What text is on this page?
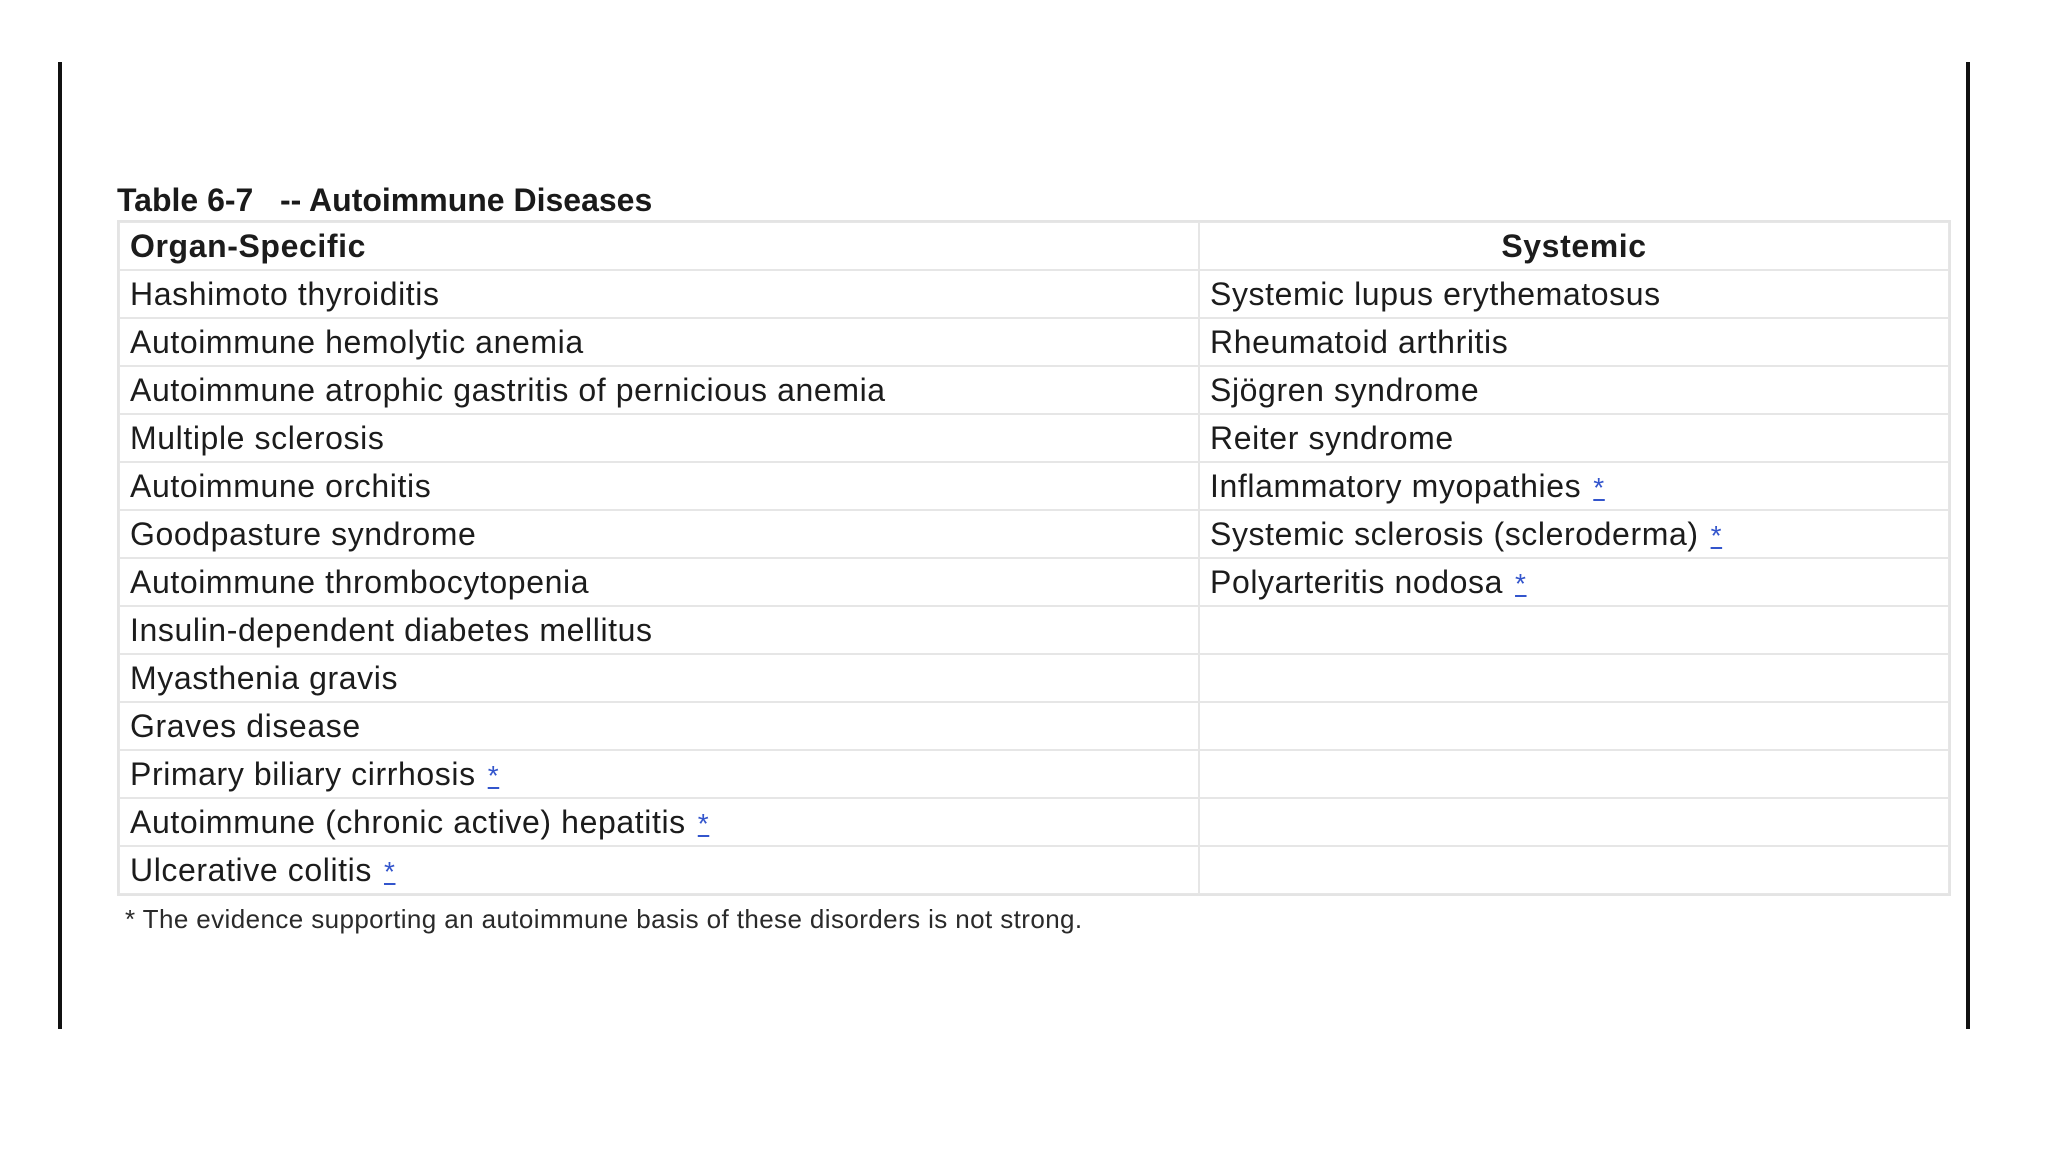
Table 6-7   -- Autoimmune Diseases
Organ-Specific	Systemic
Hashimoto thyroiditis	Systemic lupus erythematosus
Autoimmune hemolytic anemia	Rheumatoid arthritis
Autoimmune atrophic gastritis of pernicious anemia	Sjögren syndrome
Multiple sclerosis	Reiter syndrome
Autoimmune orchitis	Inflammatory myopathies *
Goodpasture syndrome	Systemic sclerosis (scleroderma) *
Autoimmune thrombocytopenia	Polyarteritis nodosa *
Insulin-dependent diabetes mellitus	
Myasthenia gravis	
Graves disease	
Primary biliary cirrhosis *	
Autoimmune (chronic active) hepatitis *	
Ulcerative colitis *	
* The evidence supporting an autoimmune basis of these disorders is not strong.
